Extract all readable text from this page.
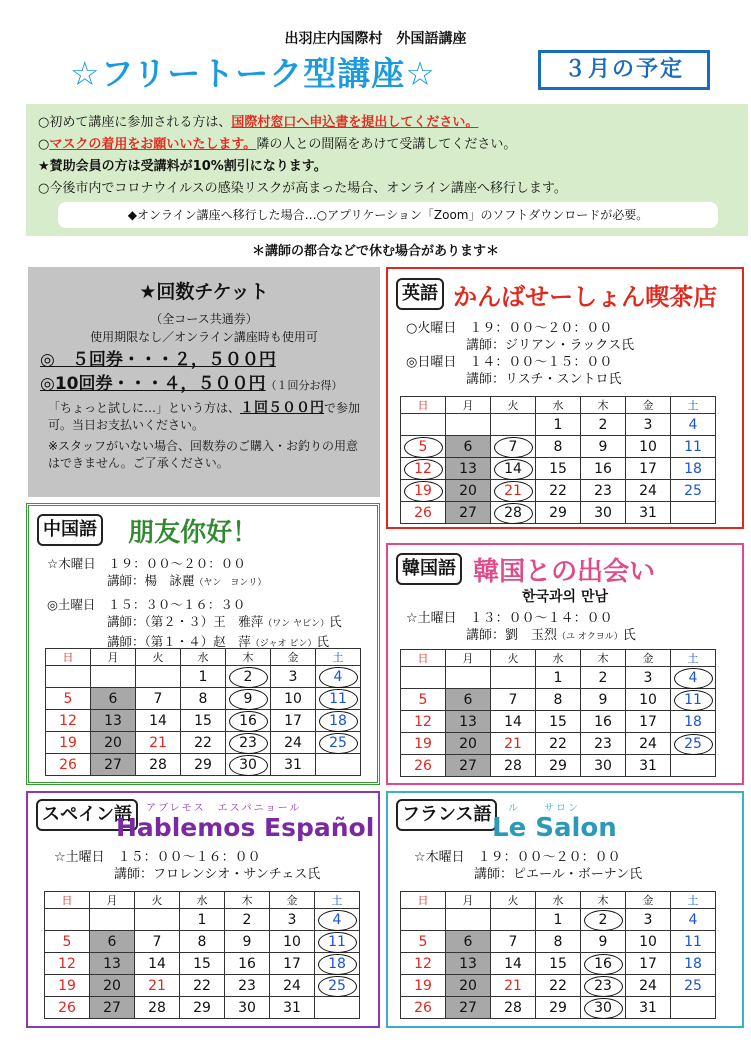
出羽庄内国際村　外国語講座
☆フリートーク型講座☆	３月の予定
○初めて講座に参加される方は、国際村窓口へ申込書を提出してください。
○マスクの着用をお願いいたします。隣の人との間隔をあけて受講してください。
★賛助会員の方は受講料が10%割引になります。
○今後市内でコロナウイルスの感染リスクが高まった場合、オンライン講座へ移行します。
◆オンライン講座へ移行した場合…○アプリケーション「Zoom」のソフトダウンロードが必要。
＊講師の都合などで休む場合があります＊
★回数チケット
（全コース共通券）
使用期限なし／オンライン講座時も使用可
◎　５回券・・・２，５００円
◎10回券・・・４，５００円（１回分お得）

「ちょっと試しに…」という方は、１回５００円で参加可。当日お支払いください。

※スタッフがいない場合、回数券のご購入・お釣りの用意はできません。ご了承ください。

英語 かんばせーしょん喫茶店
○火曜日　１９：００〜２０：００
講師：ジリアン・ラックス氏
◎日曜日　１４：００〜１５：００
講師：リスチ・スントロ氏
日	月	火	水	木	金	土
			1	2	3	4
5	6	7	8	9	10	11
12	13	14	15	16	17	18
19	20	21	22	23	24	25
26	27	28	29	30	31	
中国語 朋友你好！
☆木曜日　１９：００〜２０：００
講師：楊　詠麗（ヤン　ヨンリ）
◎土曜日　１５：３０〜１６：３０
講師：（第２・３）王　雅萍（ワン ヤピン）氏
講師：（第１・４）赵　萍（ジャオ ピン）氏
日	月	火	水	木	金	土
			1	2	3	4
5	6	7	8	9	10	11
12	13	14	15	16	17	18
19	20	21	22	23	24	25
26	27	28	29	30	31	
韓国語 韓国との出会い
한국과의 만남
☆土曜日　１３：００〜１４：００
講師：劉　玉烈（ユ オクヨル）氏
日	月	火	水	木	金	土
			1	2	3	4
5	6	7	8	9	10	11
12	13	14	15	16	17	18
19	20	21	22	23	24	25
26	27	28	29	30	31	
スペイン語	アブレモス　エスパニョール
Hablemos Español
☆土曜日　１５：００〜１６：００
講師：フロレンシオ・サンチェス氏
日	月	火	水	木	金	土
			1	2	3	4
5	6	7	8	9	10	11
12	13	14	15	16	17	18
19	20	21	22	23	24	25
26	27	28	29	30	31	
フランス語	ル　　サロン
Le Salon
☆木曜日　１９：００〜２０：００
講師：ピエール・ボーナン氏
日	月	火	水	木	金	土
			1	2	3	4
5	6	7	8	9	10	11
12	13	14	15	16	17	18
19	20	21	22	23	24	25
26	27	28	29	30	31	
